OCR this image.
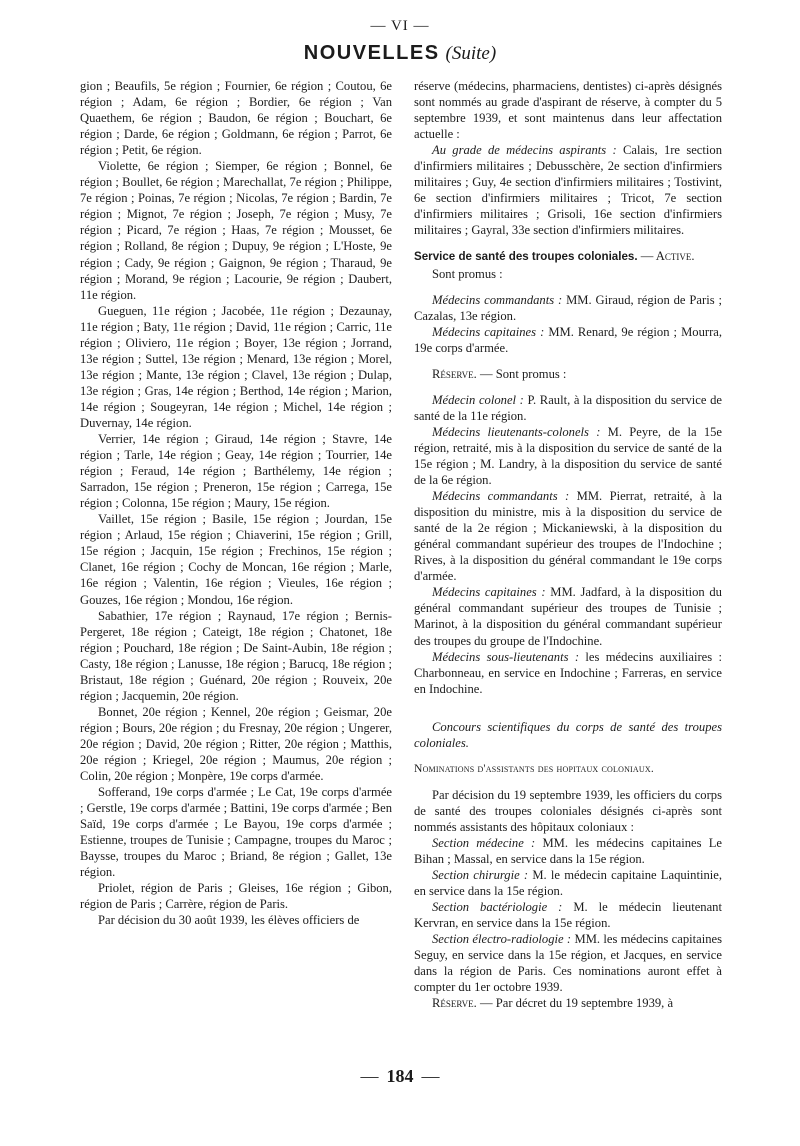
— VI —
NOUVELLES (Suite)

gion ; Beaufils, 5e région ; Fournier, 6e région ; Coutou, 6e région ; Adam, 6e région ; Bordier, 6e région ; Van Quaethem, 6e région ; Baudon, 6e région ; Bouchart, 6e région ; Darde, 6e région ; Goldmann, 6e région ; Parrot, 6e région ; Petit, 6e région.

Violette, 6e région ; Siemper, 6e région ; Bonnel, 6e région ; Boullet, 6e région ; Marechallat, 7e région ; Philippe, 7e région ; Poinas, 7e région ; Nicolas, 7e région ; Bardin, 7e région ; Mignot, 7e région ; Joseph, 7e région ; Musy, 7e région ; Picard, 7e région ; Haas, 7e région ; Mousset, 6e région ; Rolland, 8e région ; Dupuy, 9e région ; L'Hoste, 9e région ; Cady, 9e région ; Gaignon, 9e région ; Tharaud, 9e région ; Morand, 9e région ; Lacourie, 9e région ; Daubert, 11e région.

Gueguen, 11e région ; Jacobée, 11e région ; Dezaunay, 11e région ; Baty, 11e région ; David, 11e région ; Carric, 11e région ; Oliviero, 11e région ; Boyer, 13e région ; Jorrand, 13e région ; Suttel, 13e région ; Menard, 13e région ; Morel, 13e région ; Mante, 13e région ; Clavel, 13e région ; Dulap, 13e région ; Gras, 14e région ; Berthod, 14e région ; Marion, 14e région ; Sougeyran, 14e région ; Michel, 14e région ; Duvernay, 14e région.

Verrier, 14e région ; Giraud, 14e région ; Stavre, 14e région ; Tarle, 14e région ; Geay, 14e région ; Tourrier, 14e région ; Feraud, 14e région ; Barthélemy, 14e région ; Sarradon, 15e région ; Preneron, 15e région ; Carrega, 15e région ; Colonna, 15e région ; Maury, 15e région.

Vaillet, 15e région ; Basile, 15e région ; Jourdan, 15e région ; Arlaud, 15e région ; Chiaverini, 15e région ; Grill, 15e région ; Jacquin, 15e région ; Frechinos, 15e région ; Clanet, 16e région ; Cochy de Moncan, 16e région ; Marle, 16e région ; Valentin, 16e région ; Vieules, 16e région ; Gouzes, 16e région ; Mondou, 16e région.

Sabathier, 17e région ; Raynaud, 17e région ; Bernis-Pergeret, 18e région ; Cateigt, 18e région ; Chatonet, 18e région ; Pouchard, 18e région ; De Saint-Aubin, 18e région ; Casty, 18e région ; Lanusse, 18e région ; Barucq, 18e région ; Bristaut, 18e région ; Guénard, 20e région ; Rouveix, 20e région ; Jacquemin, 20e région.

Bonnet, 20e région ; Kennel, 20e région ; Geismar, 20e région ; Bours, 20e région ; du Fresnay, 20e région ; Ungerer, 20e région ; David, 20e région ; Ritter, 20e région ; Matthis, 20e région ; Kriegel, 20e région ; Maumus, 20e région ; Colin, 20e région ; Monpère, 19e corps d'armée.

Sofferand, 19e corps d'armée ; Le Cat, 19e corps d'armée ; Gerstle, 19e corps d'armée ; Battini, 19e corps d'armée ; Ben Saïd, 19e corps d'armée ; Le Bayou, 19e corps d'armée ; Estienne, troupes de Tunisie ; Campagne, troupes du Maroc ; Baysse, troupes du Maroc ; Briand, 8e région ; Gallet, 13e région.

Priolet, région de Paris ; Gleises, 16e région ; Gibon, région de Paris ; Carrère, région de Paris.

Par décision du 30 août 1939, les élèves officiers de

réserve (médecins, pharmaciens, dentistes) ci-après désignés sont nommés au grade d'aspirant de réserve, à compter du 5 septembre 1939, et sont maintenus dans leur affectation actuelle :

Au grade de médecins aspirants : Calais, 1re section d'infirmiers militaires ; Debusschère, 2e section d'infirmiers militaires ; Guy, 4e section d'infirmiers militaires ; Tostivint, 6e section d'infirmiers militaires ; Tricot, 7e section d'infirmiers militaires ; Grisoli, 16e section d'infirmiers militaires ; Gayral, 33e section d'infirmiers militaires.

Service de santé des troupes coloniales. — Active.

Sont promus :

Médecins commandants : MM. Giraud, région de Paris ; Cazalas, 13e région.

Médecins capitaines : MM. Renard, 9e région ; Mourra, 19e corps d'armée.

Réserve. — Sont promus :

Médecin colonel : P. Rault, à la disposition du service de santé de la 11e région.

Médecins lieutenants-colonels : M. Peyre, de la 15e région, retraité, mis à la disposition du service de santé de la 15e région ; M. Landry, à la disposition du service de santé de la 6e région.

Médecins commandants : MM. Pierrat, retraité, à la disposition du ministre, mis à la disposition du service de santé de la 2e région ; Mickaniewski, à la disposition du général commandant supérieur des troupes de l'Indochine ; Rives, à la disposition du général commandant le 19e corps d'armée.

Médecins capitaines : MM. Jadfard, à la disposition du général commandant supérieur des troupes de Tunisie ; Marinot, à la disposition du général commandant supérieur des troupes du groupe de l'Indochine.

Médecins sous-lieutenants : les médecins auxiliaires : Charbonneau, en service en Indochine ; Farreras, en service en Indochine.

Concours scientifiques du corps de santé des troupes coloniales.

Nominations d'assistants des hopitaux coloniaux.

Par décision du 19 septembre 1939, les officiers du corps de santé des troupes coloniales désignés ci-après sont nommés assistants des hôpitaux coloniaux :

Section médecine : MM. les médecins capitaines Le Bihan ; Massal, en service dans la 15e région.

Section chirurgie : M. le médecin capitaine Laquintinie, en service dans la 15e région.

Section bactériologie : M. le médecin lieutenant Kervran, en service dans la 15e région.

Section électro-radiologie : MM. les médecins capitaines Seguy, en service dans la 15e région, et Jacques, en service dans la région de Paris. Ces nominations auront effet à compter du 1er octobre 1939.

Réserve. — Par décret du 19 septembre 1939, à

— 184 —
